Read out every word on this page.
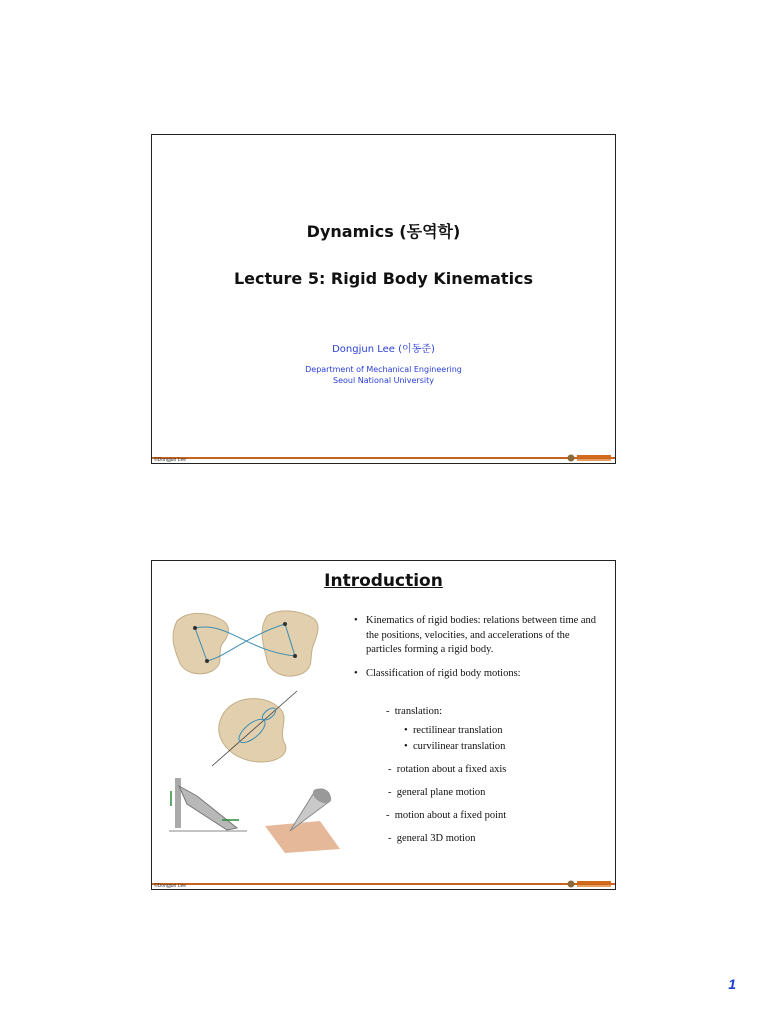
Dynamics (동역학)
Lecture 5: Rigid Body Kinematics
Dongjun Lee (이동준)
Department of Mechanical Engineering
Seoul National University
©Dongjun Lee
Introduction
• Kinematics of rigid bodies: relations between time and the positions, velocities, and accelerations of the particles forming a rigid body.
• Classification of rigid body motions:
- translation:
• rectilinear translation
• curvilinear translation
- rotation about a fixed axis
- general plane motion
- motion about a fixed point
- general 3D motion
©Dongjun Lee
1
